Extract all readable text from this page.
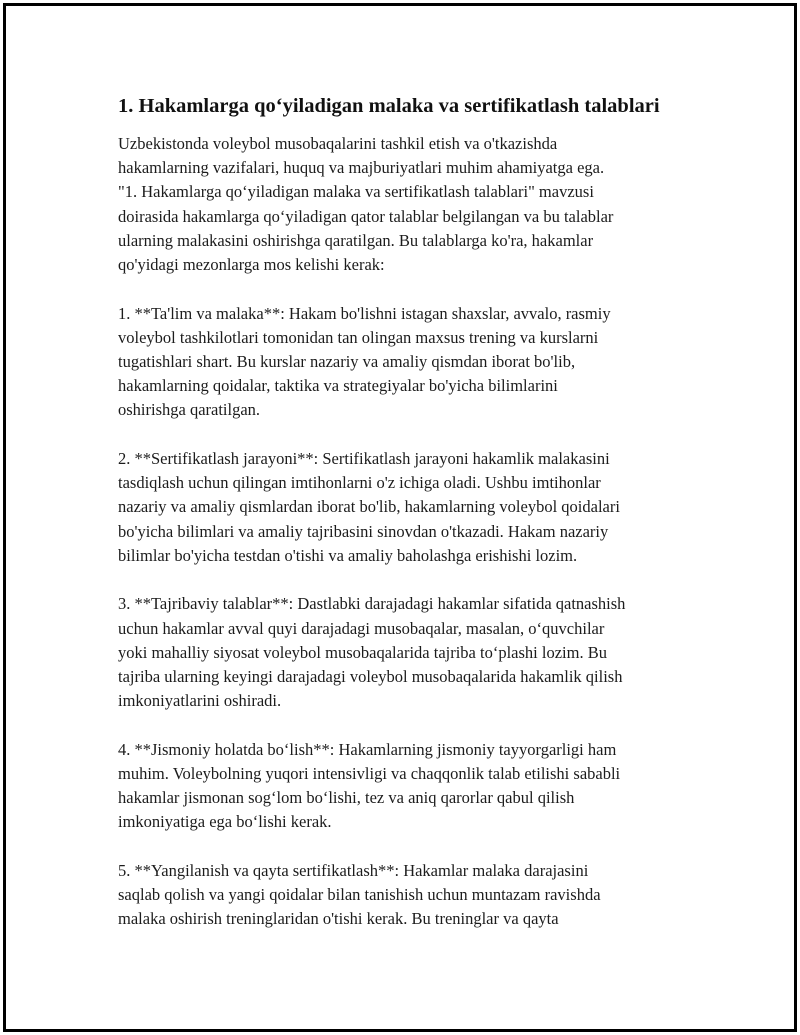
1. Hakamlarga qo‘yiladigan malaka va sertifikatlash talablari
Uzbekistonda voleybol musobaqalarini tashkil etish va o'tkazishda
hakamlarning vazifalari, huquq va majburiyatlari muhim ahamiyatga ega.
"1. Hakamlarga qo‘yiladigan malaka va sertifikatlash talablari" mavzusi
doirasida hakamlarga qo‘yiladigan qator talablar belgilangan va bu talablar
ularning malakasini oshirishga qaratilgan. Bu talablarga ko'ra, hakamlar
qo'yidagi mezonlarga mos kelishi kerak:
1. **Ta'lim va malaka**: Hakam bo'lishni istagan shaxslar, avvalo, rasmiy
voleybol tashkilotlari tomonidan tan olingan maxsus trening va kurslarni
tugatishlari shart. Bu kurslar nazariy va amaliy qismdan iborat bo'lib,
hakamlarning qoidalar, taktika va strategiyalar bo'yicha bilimlarini
oshirishga qaratilgan.
2. **Sertifikatlash jarayoni**: Sertifikatlash jarayoni hakamlik malakasini
tasdiqlash uchun qilingan imtihonlarni o'z ichiga oladi. Ushbu imtihonlar
nazariy va amaliy qismlardan iborat bo'lib, hakamlarning voleybol qoidalari
bo'yicha bilimlari va amaliy tajribasini sinovdan o'tkazadi. Hakam nazariy
bilimlar bo'yicha testdan o'tishi va amaliy baholashga erishishi lozim.
3. **Tajribaviy talablar**: Dastlabki darajadagi hakamlar sifatida qatnashish
uchun hakamlar avval quyi darajadagi musobaqalar, masalan, o‘quvchilar
yoki mahalliy siyosat voleybol musobaqalarida tajriba to‘plashi lozim. Bu
tajriba ularning keyingi darajadagi voleybol musobaqalarida hakamlik qilish
imkoniyatlarini oshiradi.
4. **Jismoniy holatda bo‘lish**: Hakamlarning jismoniy tayyorgarligi ham
muhim. Voleybolning yuqori intensivligi va chaqqonlik talab etilishi sababli
hakamlar jismonan sog‘lom bo‘lishi, tez va aniq qarorlar qabul qilish
imkoniyatiga ega bo‘lishi kerak.
5. **Yangilanish va qayta sertifikatlash**: Hakamlar malaka darajasini
saqlab qolish va yangi qoidalar bilan tanishish uchun muntazam ravishda
malaka oshirish treninglaridan o'tishi kerak. Bu treninglar va qayta
